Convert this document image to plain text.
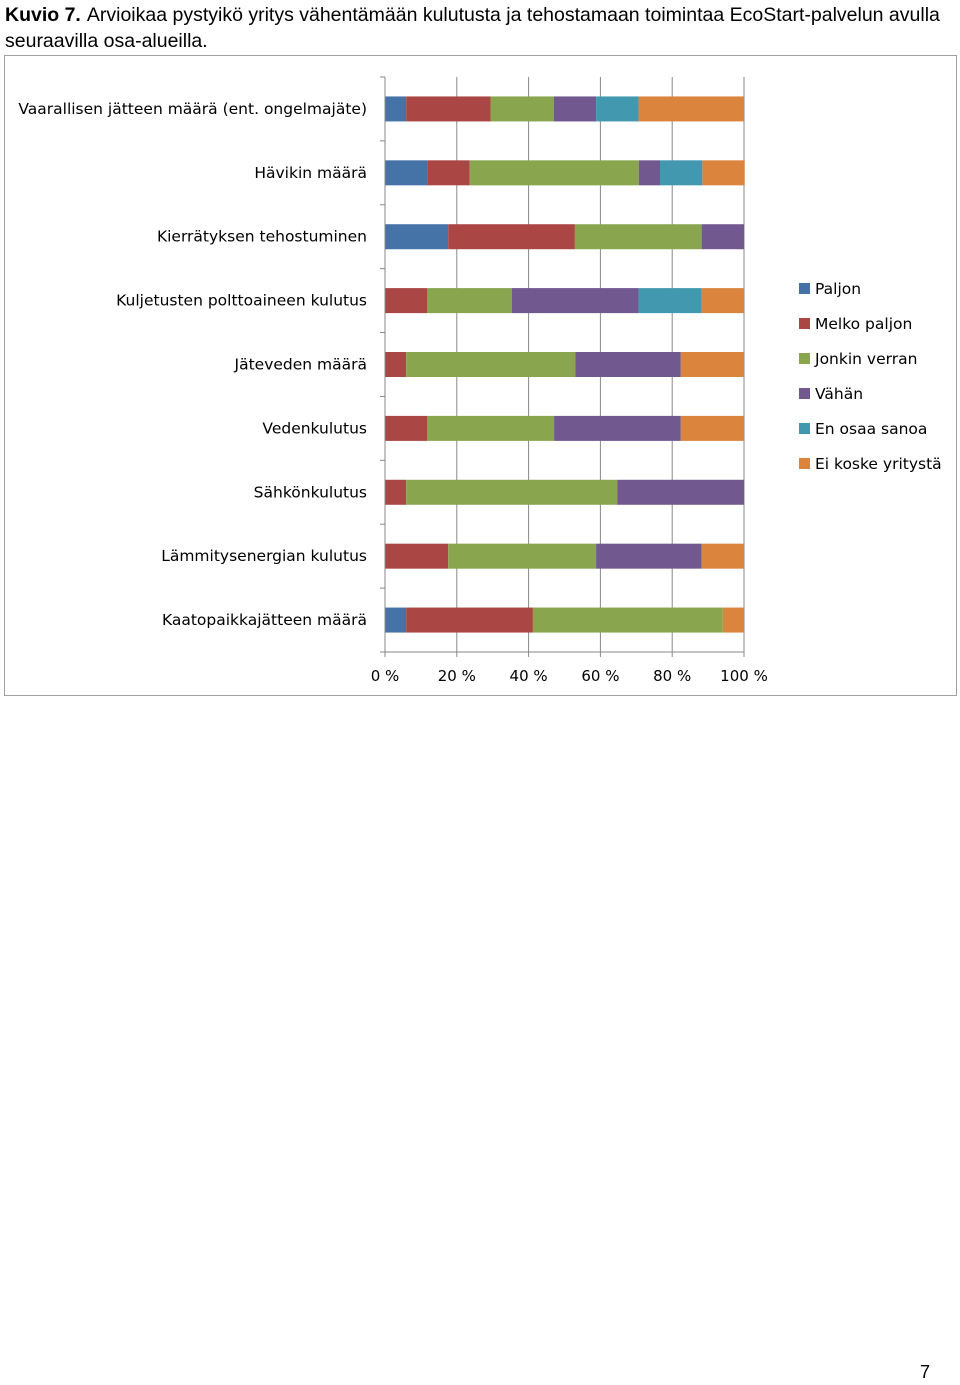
Kuvio 7. Arvioikaa pystyikö yritys vähentämään kulutusta ja tehostamaan toimintaa EcoStart-palvelun avulla seuraavilla osa-alueilla.
Vaarallisen jätteen määrä (ent. ongelmajäte)
Hävikin määrä
Kierrätyksen tehostuminen
Kuljetusten polttoaineen kulutus
Jäteveden määrä
Vedenkulutus
Sähkönkulutus
Lämmitysenergian kulutus
Kaatopaikkajätteen määrä
0 %	20 % 40 % 60 % 80 % 100 %
Paljon
Melko paljon
Jonkin verran
Vähän
En osaa sanoa
Ei koske yritystä
7
